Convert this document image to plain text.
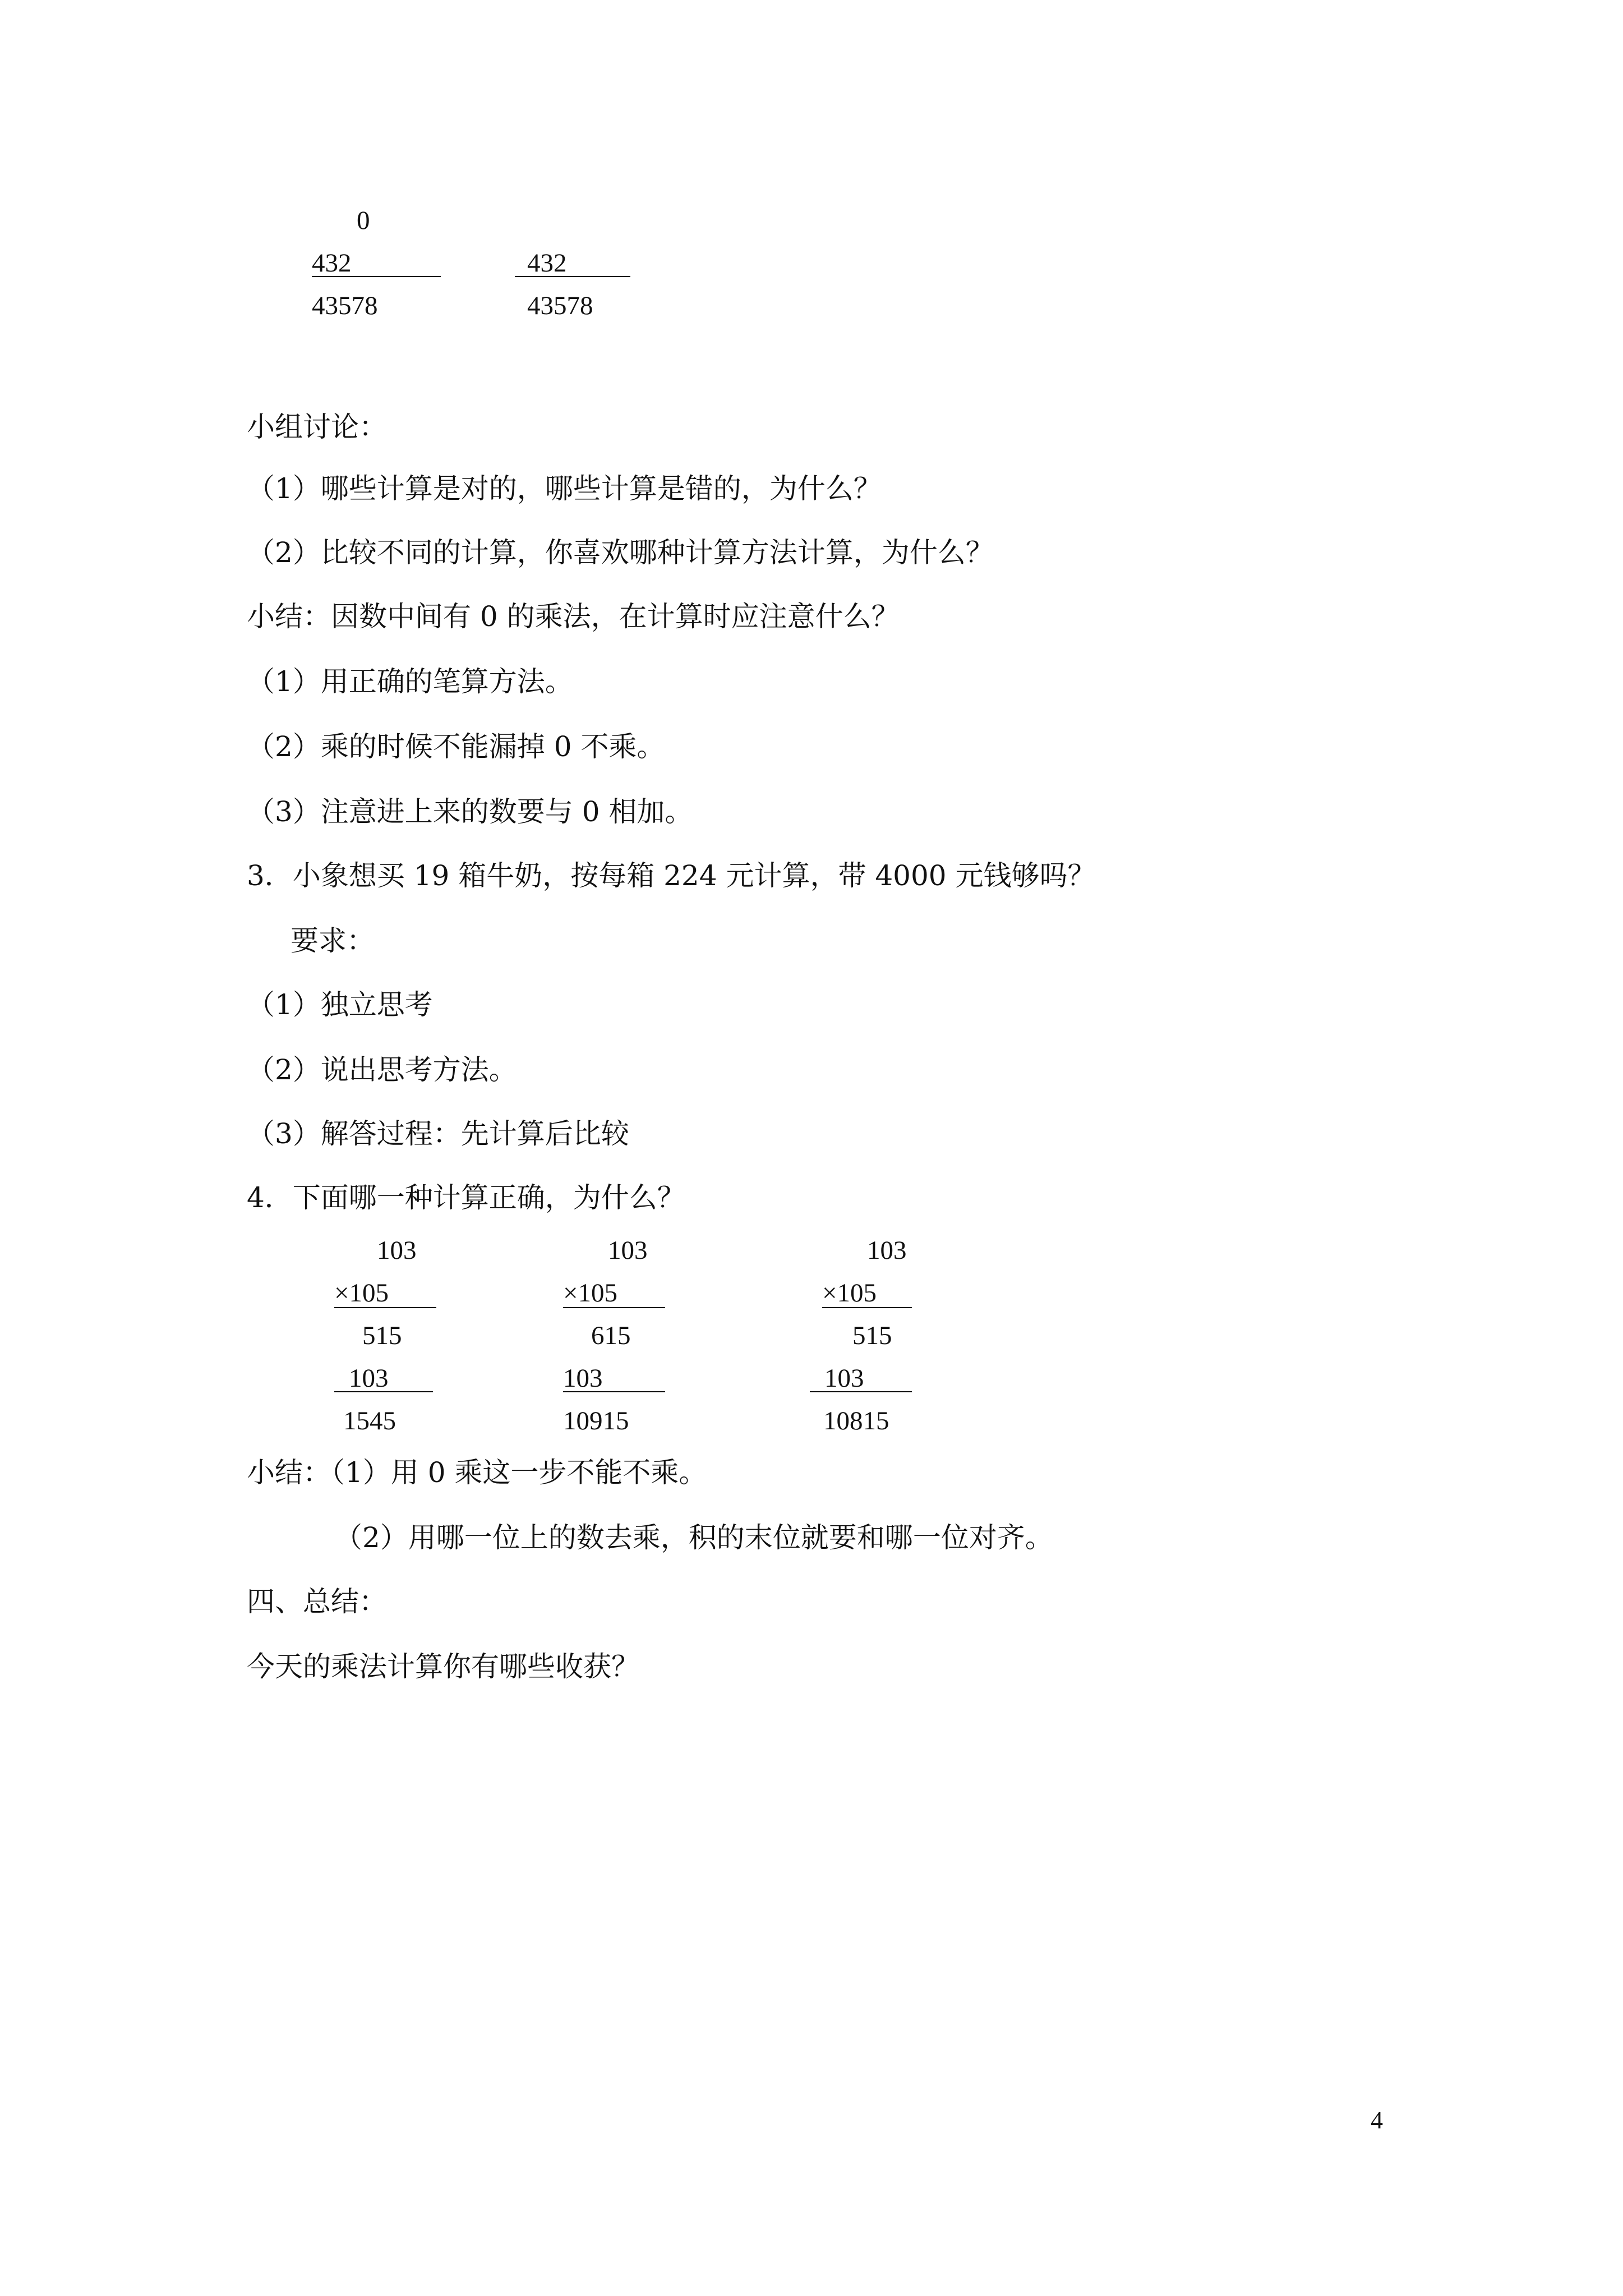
0
432
43578
432
43578
小组讨论：
（1）哪些计算是对的，哪些计算是错的，为什么？
（2）比较不同的计算，你喜欢哪种计算方法计算，为什么？
小结：因数中间有 0 的乘法，在计算时应注意什么？
（1）用正确的笔算方法。
（2）乘的时候不能漏掉 0 不乘。
（3）注意进上来的数要与 0 相加。
3．小象想买 19 箱牛奶，按每箱 224 元计算，带 4000 元钱够吗？
要求：
（1）独立思考
（2）说出思考方法。
（3）解答过程：先计算后比较
4．下面哪一种计算正确，为什么？
103
×105
515
103
1545
103
×105
615
103
10915
103
×105
515
103
10815
小结：（1）用 0 乘这一步不能不乘。
（2）用哪一位上的数去乘，积的末位就要和哪一位对齐。
四、总结：
今天的乘法计算你有哪些收获？
4
